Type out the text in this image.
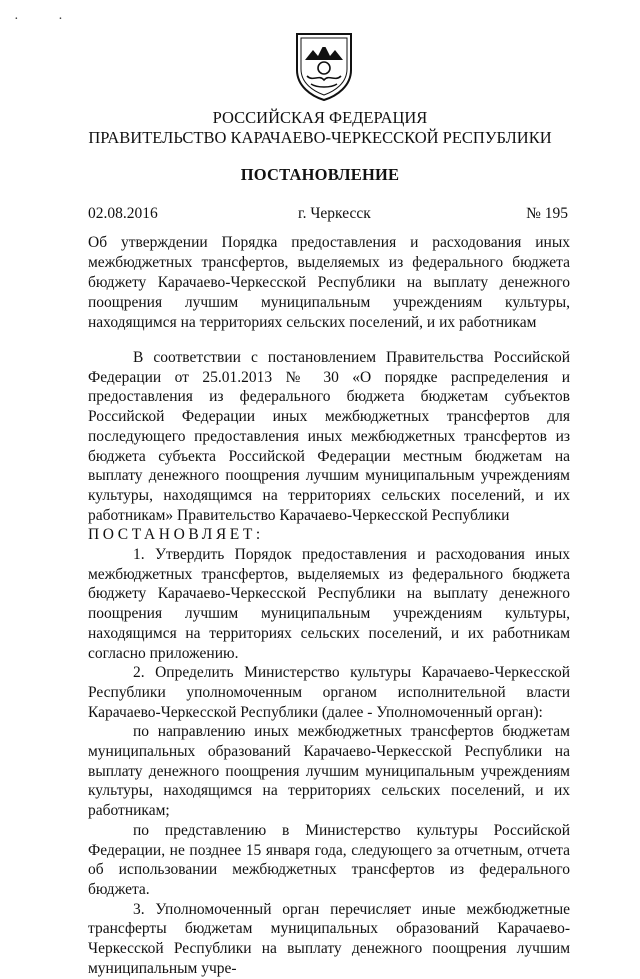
· ·
РОССИЙСКАЯ ФЕДЕРАЦИЯ
ПРАВИТЕЛЬСТВО КАРАЧАЕВО-ЧЕРКЕССКОЙ РЕСПУБЛИКИ
ПОСТАНОВЛЕНИЕ
02.08.2016	г. Черкесск	№ 195
Об утверждении Порядка предоставления и расходования иных межбюджетных трансфертов, выделяемых из федерального бюджета бюджету Карачаево-Черкесской Республики на выплату денежного поощрения лучшим муниципальным учреждениям культуры, находящимся на территориях сельских поселений, и их работникам

В соответствии с постановлением Правительства Российской Федерации от 25.01.2013 № 30 «О порядке распределения и предоставления из федерального бюджета бюджетам субъектов Российской Федерации иных межбюджетных трансфертов для последующего предоставления иных межбюджетных трансфертов из бюджета субъекта Российской Федерации местным бюджетам на выплату денежного поощрения лучшим муниципальным учреждениям культуры, находящимся на территориях сельских поселений, и их работникам» Правительство Карачаево-Черкесской Республики

ПОСТАНОВЛЯЕТ:

1. Утвердить Порядок предоставления и расходования иных межбюджетных трансфертов, выделяемых из федерального бюджета бюджету Карачаево-Черкесской Республики на выплату денежного поощрения лучшим муниципальным учреждениям культуры, находящимся на территориях сельских поселений, и их работникам согласно приложению.

2. Определить Министерство культуры Карачаево-Черкесской Республики уполномоченным органом исполнительной власти Карачаево-Черкесской Республики (далее - Уполномоченный орган):

по направлению иных межбюджетных трансфертов бюджетам муниципальных образований Карачаево-Черкесской Республики на выплату денежного поощрения лучшим муниципальным учреждениям культуры, находящимся на территориях сельских поселений, и их работникам;

по представлению в Министерство культуры Российской Федерации, не позднее 15 января года, следующего за отчетным, отчета об использовании межбюджетных трансфертов из федерального бюджета.

3. Уполномоченный орган перечисляет иные межбюджетные трансферты бюджетам муниципальных образований Карачаево-Черкесской Республики на выплату денежного поощрения лучшим муниципальным учре-
